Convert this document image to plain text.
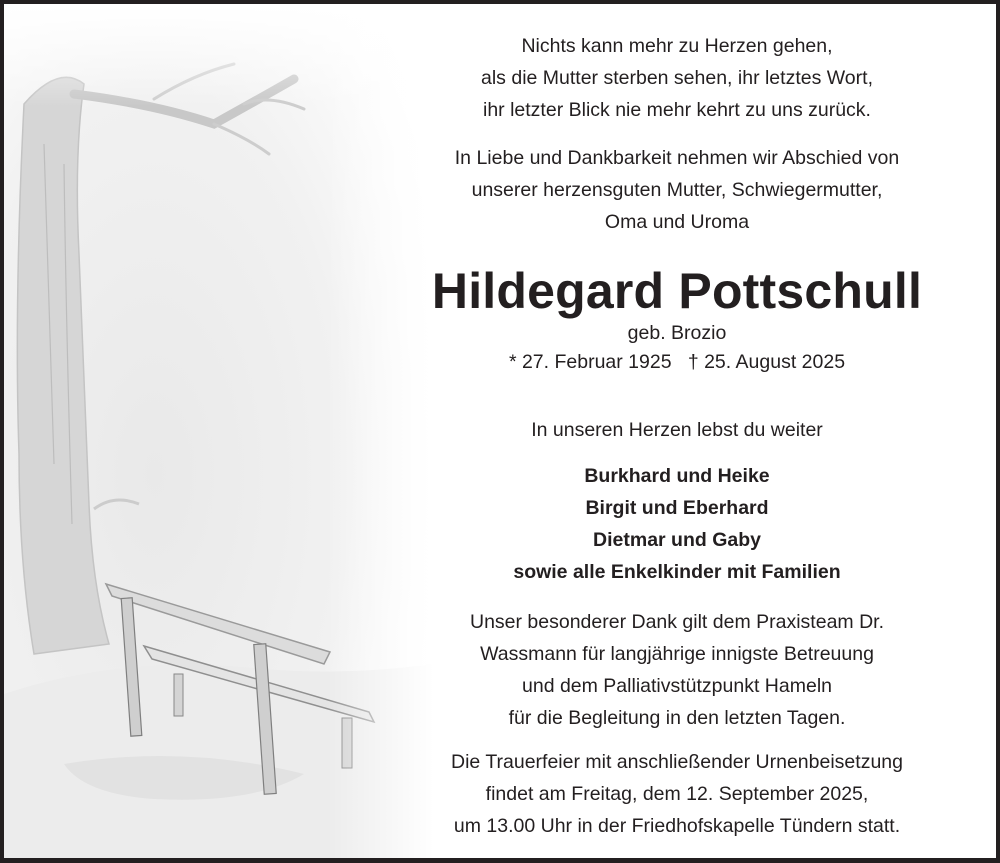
Nichts kann mehr zu Herzen gehen,
als die Mutter sterben sehen, ihr letztes Wort,
ihr letzter Blick nie mehr kehrt zu uns zurück.
In Liebe und Dankbarkeit nehmen wir Abschied von
unserer herzensguten Mutter, Schwiegermutter,
Oma und Uroma
Hildegard Pottschull
geb. Brozio
* 27. Februar 1925   † 25. August 2025
In unseren Herzen lebst du weiter
Burkhard und Heike
Birgit und Eberhard
Dietmar und Gaby
sowie alle Enkelkinder mit Familien
Unser besonderer Dank gilt dem Praxisteam Dr.
Wassmann für langjährige innigste Betreuung
und dem Palliativstützpunkt Hameln
für die Begleitung in den letzten Tagen.
Die Trauerfeier mit anschließender Urnenbeisetzung
findet am Freitag, dem 12. September 2025,
um 13.00 Uhr in der Friedhofskapelle Tündern statt.
